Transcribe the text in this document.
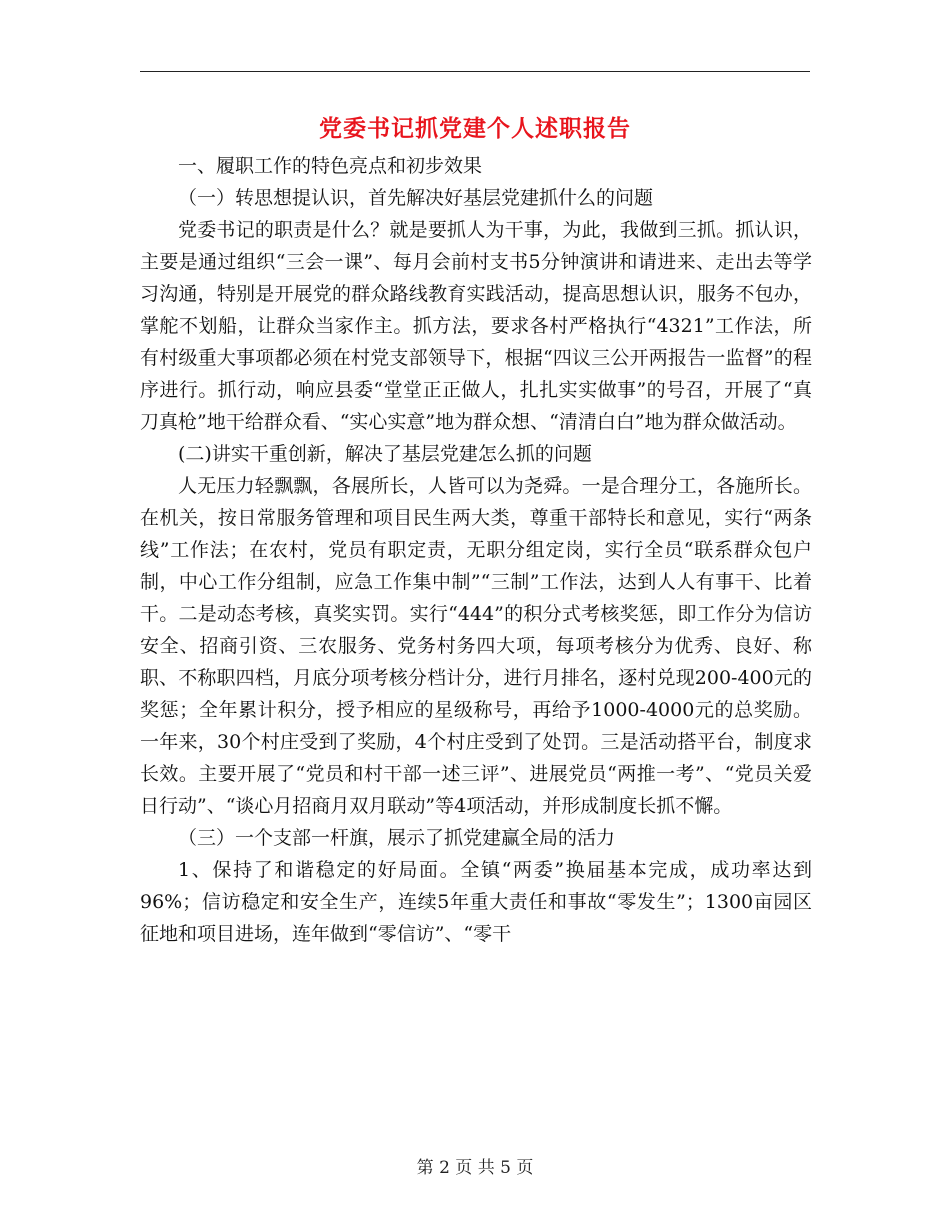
党委书记抓党建个人述职报告

一、履职工作的特色亮点和初步效果

（一）转思想提认识，首先解决好基层党建抓什么的问题

党委书记的职责是什么？就是要抓人为干事，为此，我做到三抓。抓认识，主要是通过组织“三会一课”、每月会前村支书5分钟演讲和请进来、走出去等学习沟通，特别是开展党的群众路线教育实践活动，提高思想认识，服务不包办，掌舵不划船，让群众当家作主。抓方法，要求各村严格执行“4321”工作法，所有村级重大事项都必须在村党支部领导下，根据“四议三公开两报告一监督”的程序进行。抓行动，响应县委“堂堂正正做人，扎扎实实做事”的号召，开展了“真刀真枪”地干给群众看、“实心实意”地为群众想、“清清白白”地为群众做活动。

(二)讲实干重创新，解决了基层党建怎么抓的问题

人无压力轻飘飘，各展所长，人皆可以为尧舜。一是合理分工，各施所长。在机关，按日常服务管理和项目民生两大类，尊重干部特长和意见，实行“两条线”工作法；在农村，党员有职定责，无职分组定岗，实行全员“联系群众包户制，中心工作分组制，应急工作集中制”“三制”工作法，达到人人有事干、比着干。二是动态考核，真奖实罚。实行“444”的积分式考核奖惩，即工作分为信访安全、招商引资、三农服务、党务村务四大项，每项考核分为优秀、良好、称职、不称职四档，月底分项考核分档计分，进行月排名，逐村兑现200-400元的奖惩；全年累计积分，授予相应的星级称号，再给予1000-4000元的总奖励。一年来，30个村庄受到了奖励，4个村庄受到了处罚。三是活动搭平台，制度求长效。主要开展了“党员和村干部一述三评”、进展党员“两推一考”、“党员关爱日行动”、“谈心月招商月双月联动”等4项活动，并形成制度长抓不懈。

（三）一个支部一杆旗，展示了抓党建赢全局的活力

1、保持了和谐稳定的好局面。全镇“两委”换届基本完成，成功率达到96%；信访稳定和安全生产，连续5年重大责任和事故“零发生”；1300亩园区征地和项目进场，连年做到“零信访”、“零干

第 2 页 共 5 页
